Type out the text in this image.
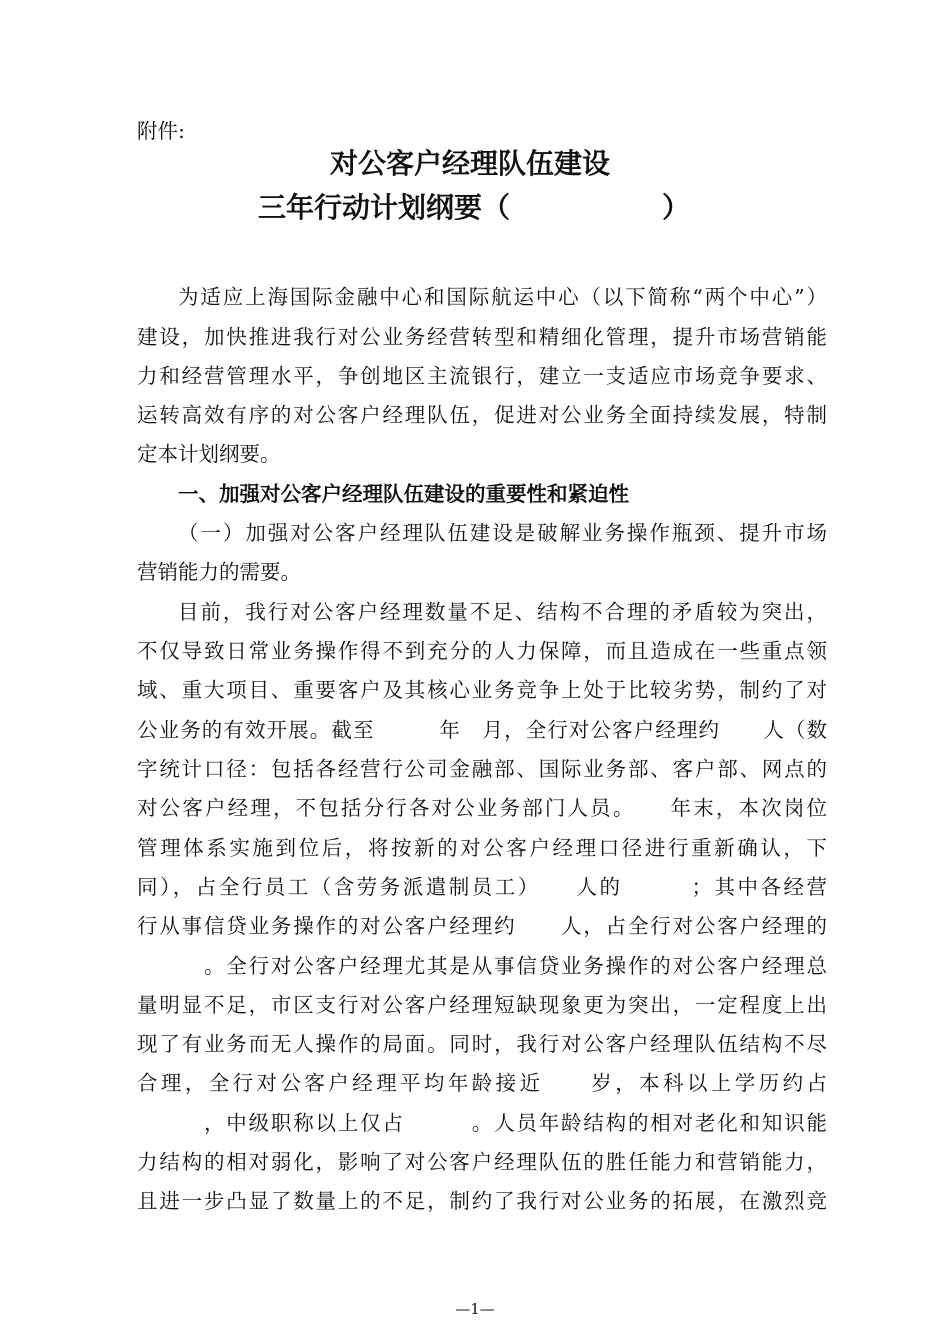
附件:
对公客户经理队伍建设
三年行动计划纲要（	）
为适应上海国际金融中心和国际航运中心（以下简称“两个中心”）
建设，加快推进我行对公业务经营转型和精细化管理，提升市场营销能
力和经营管理水平，争创地区主流银行，建立一支适应市场竞争要求、
运转高效有序的对公客户经理队伍，促进对公业务全面持续发展，特制
定本计划纲要。
一、加强对公客户经理队伍建设的重要性和紧迫性
（一）加强对公客户经理队伍建设是破解业务操作瓶颈、提升市场
营销能力的需要。
目前，我行对公客户经理数量不足、结构不合理的矛盾较为突出，
不仅导致日常业务操作得不到充分的人力保障，而且造成在一些重点领
域、重大项目、重要客户及其核心业务竞争上处于比较劣势，制约了对
公业务的有效开展。截至　　　年　月，全行对公客户经理约　　人（数
字统计口径：包括各经营行公司金融部、国际业务部、客户部、网点的
对公客户经理，不包括分行各对公业务部门人员。　　年末，本次岗位
管理体系实施到位后，将按新的对公客户经理口径进行重新确认，下
同），占全行员工（含劳务派遣制员工）　　人的　　　；其中各经营
行从事信贷业务操作的对公客户经理约　　人，占全行对公客户经理的
　　　。全行对公客户经理尤其是从事信贷业务操作的对公客户经理总
量明显不足，市区支行对公客户经理短缺现象更为突出，一定程度上出
现了有业务而无人操作的局面。同时，我行对公客户经理队伍结构不尽
合理，全行对公客户经理平均年龄接近　　岁，本科以上学历约占
　　　，中级职称以上仅占　　　。人员年龄结构的相对老化和知识能
力结构的相对弱化，影响了对公客户经理队伍的胜任能力和营销能力，
且进一步凸显了数量上的不足，制约了我行对公业务的拓展，在激烈竞
—1—
